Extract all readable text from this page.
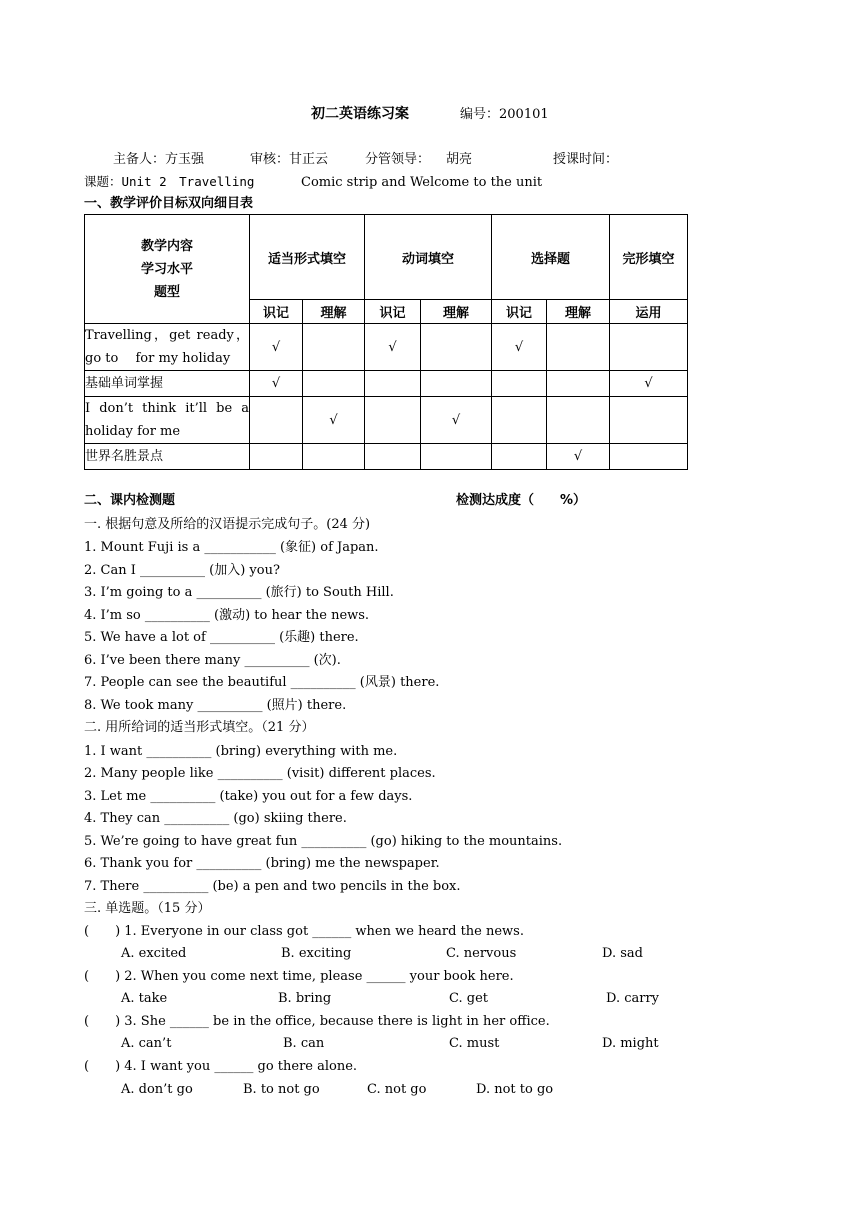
初二英语练习案	编号：200101
主备人：方玉强	审核：甘正云	分管领导： 胡亮	授课时间：
课题：Unit 2　Travelling	Comic strip and Welcome to the unit
一、教学评价目标双向细目表
教学内容
学习水平
题型	适当形式填空		动词填空		选择题		完形填空
	识记	理解	识记	理解	识记	理解	运用

Travelling，get ready，go to　 for my holiday	√		√		√		
基础单词掌握	√						√

I don’t think it’ll be a holiday for me		√		√			
世界名胜景点						√	
二、课内检测题	检测达成度（　　%）
一. 根据句意及所给的汉语提示完成句子。(24 分)
1. Mount Fuji is a ___________ (象征) of Japan.
2. Can I __________ (加入) you?
3. I’m going to a __________ (旅行) to South Hill.
4. I’m so __________ (激动) to hear the news.
5. We have a lot of __________ (乐趣) there.
6. I’ve been there many __________ (次).
7. People can see the beautiful __________ (风景) there.
8. We took many __________ (照片) there.
二. 用所给词的适当形式填空。（21 分）
1. I want __________ (bring) everything with me.
2. Many people like __________ (visit) different places.
3. Let me __________ (take) you out for a few days.
4. They can __________ (go) skiing there.
5. We’re going to have great fun __________ (go) hiking to the mountains.
6. Thank you for __________ (bring) me the newspaper.
7. There __________ (be) a pen and two pencils in the box.
三. 单选题。（15 分）
(　　) 1. Everyone in our class got ______ when we heard the news.
A. excited	B. exciting	C. nervous	D. sad
(　　) 2. When you come next time, please ______ your book here.
A. take	B. bring	C. get	D. carry
(　　) 3. She ______ be in the office, because there is light in her office.
A. can’t	B. can	C. must	D. might
(　　) 4. I want you ______ go there alone.
A. don’t go	B. to not go	C. not go	D. not to go
